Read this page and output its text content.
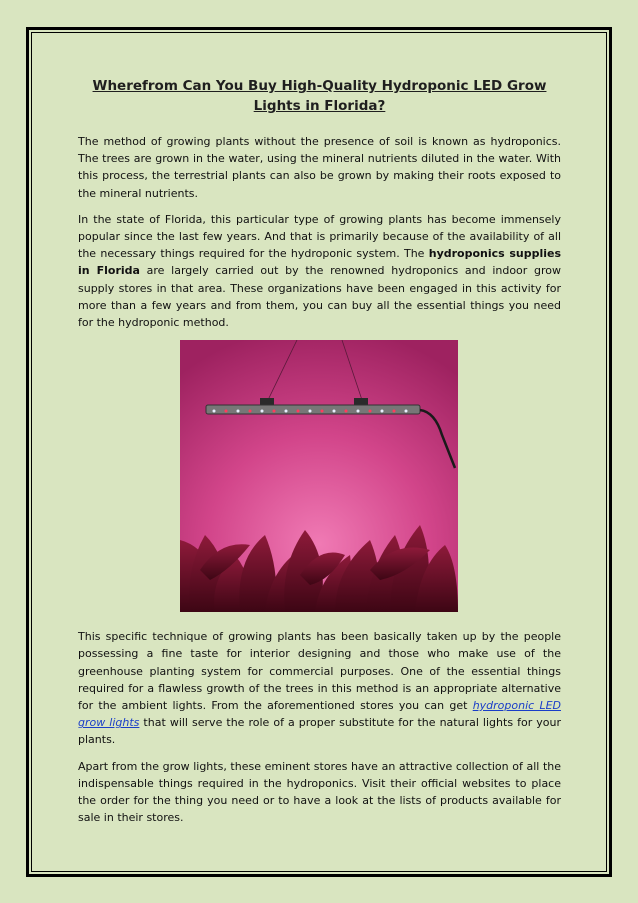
Wherefrom Can You Buy High-Quality Hydroponic LED Grow Lights in Florida?

The method of growing plants without the presence of soil is known as hydroponics. The trees are grown in the water, using the mineral nutrients diluted in the water. With this process, the terrestrial plants can also be grown by making their roots exposed to the mineral nutrients.

In the state of Florida, this particular type of growing plants has become immensely popular since the last few years. And that is primarily because of the availability of all the necessary things required for the hydroponic system. The hydroponics supplies in Florida are largely carried out by the renowned hydroponics and indoor grow supply stores in that area. These organizations have been engaged in this activity for more than a few years and from them, you can buy all the essential things you need for the hydroponic method.

This specific technique of growing plants has been basically taken up by the people possessing a fine taste for interior designing and those who make use of the greenhouse planting system for commercial purposes. One of the essential things required for a flawless growth of the trees in this method is an appropriate alternative for the ambient lights. From the aforementioned stores you can get hydroponic LED grow lights that will serve the role of a proper substitute for the natural lights for your plants.

Apart from the grow lights, these eminent stores have an attractive collection of all the indispensable things required in the hydroponics. Visit their official websites to place the order for the thing you need or to have a look at the lists of products available for sale in their stores.
